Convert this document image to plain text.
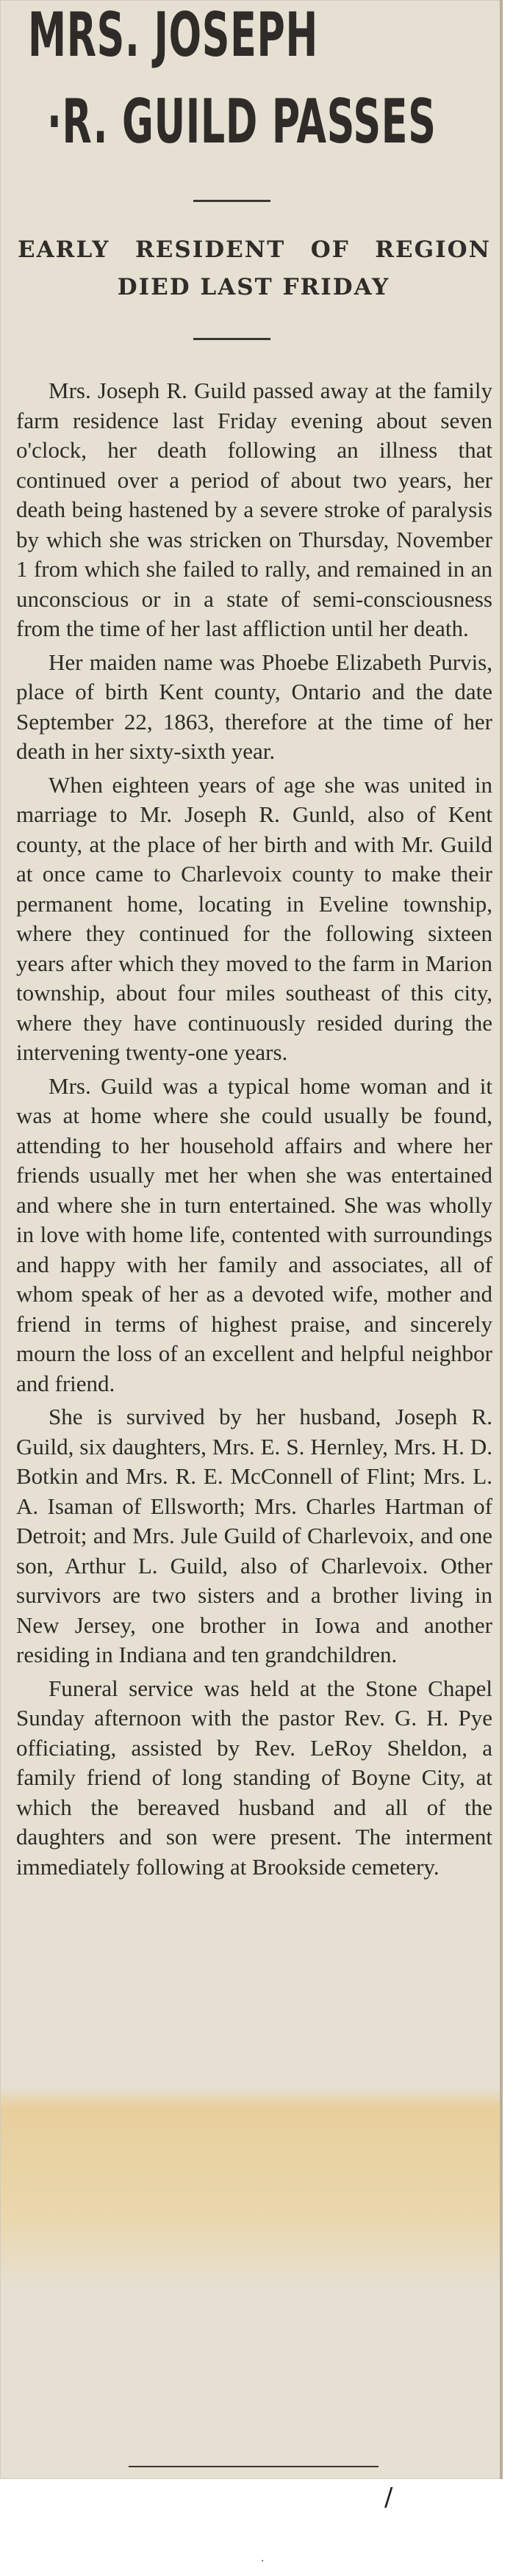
MRS. JOSEPH
·R. GUILD PASSES
EARLY RESIDENT OF REGION
DIED LAST FRIDAY

Mrs. Joseph R. Guild passed away at the family farm residence last Friday evening about seven o'clock, her death following an illness that continued over a period of about two years, her death being hastened by a severe stroke of paralysis by which she was stricken on Thursday, November 1 from which she failed to rally, and remained in an unconscious or in a state of semi-consciousness from the time of her last affliction until her death.

Her maiden name was Phoebe Elizabeth Purvis, place of birth Kent county, Ontario and the date September 22, 1863, therefore at the time of her death in her sixty-sixth year.

When eighteen years of age she was united in marriage to Mr. Joseph R. Gunld, also of Kent county, at the place of her birth and with Mr. Guild at once came to Charlevoix county to make their permanent home, locating in Eveline township, where they continued for the following sixteen years after which they moved to the farm in Marion township, about four miles southeast of this city, where they have continuously resided during the intervening twenty-one years.

Mrs. Guild was a typical home woman and it was at home where she could usually be found, attending to her household affairs and where her friends usually met her when she was entertained and where she in turn entertained. She was wholly in love with home life, contented with surroundings and happy with her family and associates, all of whom speak of her as a devoted wife, mother and friend in terms of highest praise, and sincerely mourn the loss of an excellent and helpful neighbor and friend.

She is survived by her husband, Joseph R. Guild, six daughters, Mrs. E. S. Hernley, Mrs. H. D. Botkin and Mrs. R. E. McConnell of Flint; Mrs. L. A. Isaman of Ellsworth; Mrs. Charles Hartman of Detroit; and Mrs. Jule Guild of Charlevoix, and one son, Arthur L. Guild, also of Charlevoix. Other survivors are two sisters and a brother living in New Jersey, one brother in Iowa and another residing in Indiana and ten grandchildren.

Funeral service was held at the Stone Chapel Sunday afternoon with the pastor Rev. G. H. Pye officiating, assisted by Rev. LeRoy Sheldon, a family friend of long standing of Boyne City, at which the bereaved husband and all of the daughters and son were present. The interment immediately following at Brookside cemetery.

/
.
